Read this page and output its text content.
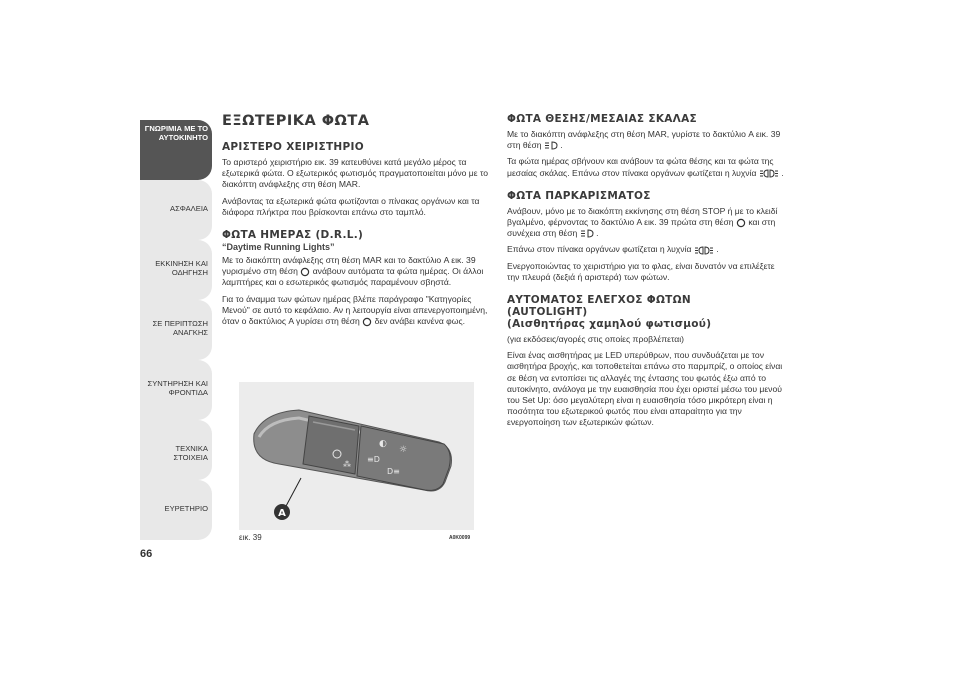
ΓΝΩΡΙΜΙΑ ΜΕ ΤΟ
ΑΥΤΟΚΙΝΗΤΟ
ΑΣΦΑΛΕΙΑ
ΕΚΚΙΝΗΣΗ ΚΑΙ
ΟΔΗΓΗΣΗ
ΣΕ ΠΕΡΙΠΤΩΣΗ
ΑΝΑΓΚΗΣ
ΣΥΝΤΗΡΗΣΗ ΚΑΙ
ΦΡΟΝΤΙΔΑ
ΤΕΧΝΙΚΑ ΣΤΟΙΧΕΙΑ
ΕΥΡΕΤΗΡΙΟ
66
ΕΞΩΤΕΡΙΚΑ ΦΩΤΑ
ΑΡΙΣΤΕΡΟ ΧΕΙΡΙΣΤΗΡΙΟ

Το αριστερό χειριστήριο εικ. 39 κατευθύνει κατά μεγάλο μέρος τα εξωτερικά φώτα. Ο εξωτερικός φωτισμός πραγματοποιείται μόνο με το διακόπτη ανάφλεξης στη θέση MAR.

Ανάβοντας τα εξωτερικά φώτα φωτίζονται ο πίνακας οργάνων και τα διάφορα πλήκτρα που βρίσκονται επάνω στο ταμπλό.

ΦΩΤΑ ΗΜΕΡΑΣ (D.R.L.)
“Daytime Running Lights”

Με το διακόπτη ανάφλεξης στη θέση MAR και το δακτύλιο A εικ. 39 γυρισμένο στη θέση ανάβουν αυτόματα τα φώτα ημέρας. Οι άλλοι λαμπτήρες και ο εσωτερικός φωτισμός παραμένουν σβηστά.

Για το άναμμα των φώτων ημέρας βλέπε παράγραφο "Κατηγορίες Μενού" σε αυτό το κεφάλαιο. Αν η λειτουργία είναι απενεργοποιημένη, όταν ο δακτύλιος A γυρίσει στη θέση δεν ανάβει κανένα φως.

⁂
◐
☼
≡D
D≡
A
εικ. 39	A0K0099
ΦΩΤΑ ΘΕΣΗΣ/ΜΕΣΑΙΑΣ ΣΚΑΛΑΣ

Με το διακόπτη ανάφλεξης στη θέση MAR, γυρίστε το δακτύλιο A εικ. 39 στη θέση .

Τα φώτα ημέρας σβήνουν και ανάβουν τα φώτα θέσης και τα φώτα της μεσαίας σκάλας. Επάνω στον πίνακα οργάνων φωτίζεται η λυχνία	.

ΦΩΤΑ ΠΑΡΚΑΡΙΣΜΑΤΟΣ

Ανάβουν, μόνο με το διακόπτη εκκίνησης στη θέση STOP ή με το κλειδί βγαλμένο, φέρνοντας το δακτύλιο A εικ. 39 πρώτα στη θέση και στη συνέχεια στη θέση .

Επάνω στον πίνακα οργάνων φωτίζεται η λυχνία	.

Ενεργοποιώντας το χειριστήριο για το φλας, είναι δυνατόν να επιλέξετε την πλευρά (δεξιά ή αριστερά) των φώτων.

ΑΥΤΟΜΑΤΟΣ ΕΛΕΓΧΟΣ ΦΩΤΩΝ
(AUTOLIGHT)
(Αισθητήρας χαμηλού φωτισμού)

(για εκδόσεις/αγορές στις οποίες προβλέπεται)

Είναι ένας αισθητήρας με LED υπερύθρων, που συνδυάζεται με τον αισθητήρα βροχής, και τοποθετείται επάνω στο παρμπρίζ, ο οποίος είναι σε θέση να εντοπίσει τις αλλαγές της έντασης του φωτός έξω από το αυτοκίνητο, ανάλογα με την ευαισθησία που έχει οριστεί μέσω του μενού του Set Up: όσο μεγαλύτερη είναι η ευαισθησία τόσο μικρότερη είναι η ποσότητα του εξωτερικού φωτός που είναι απαραίτητο για την ενεργοποίηση των εξωτερικών φώτων.
